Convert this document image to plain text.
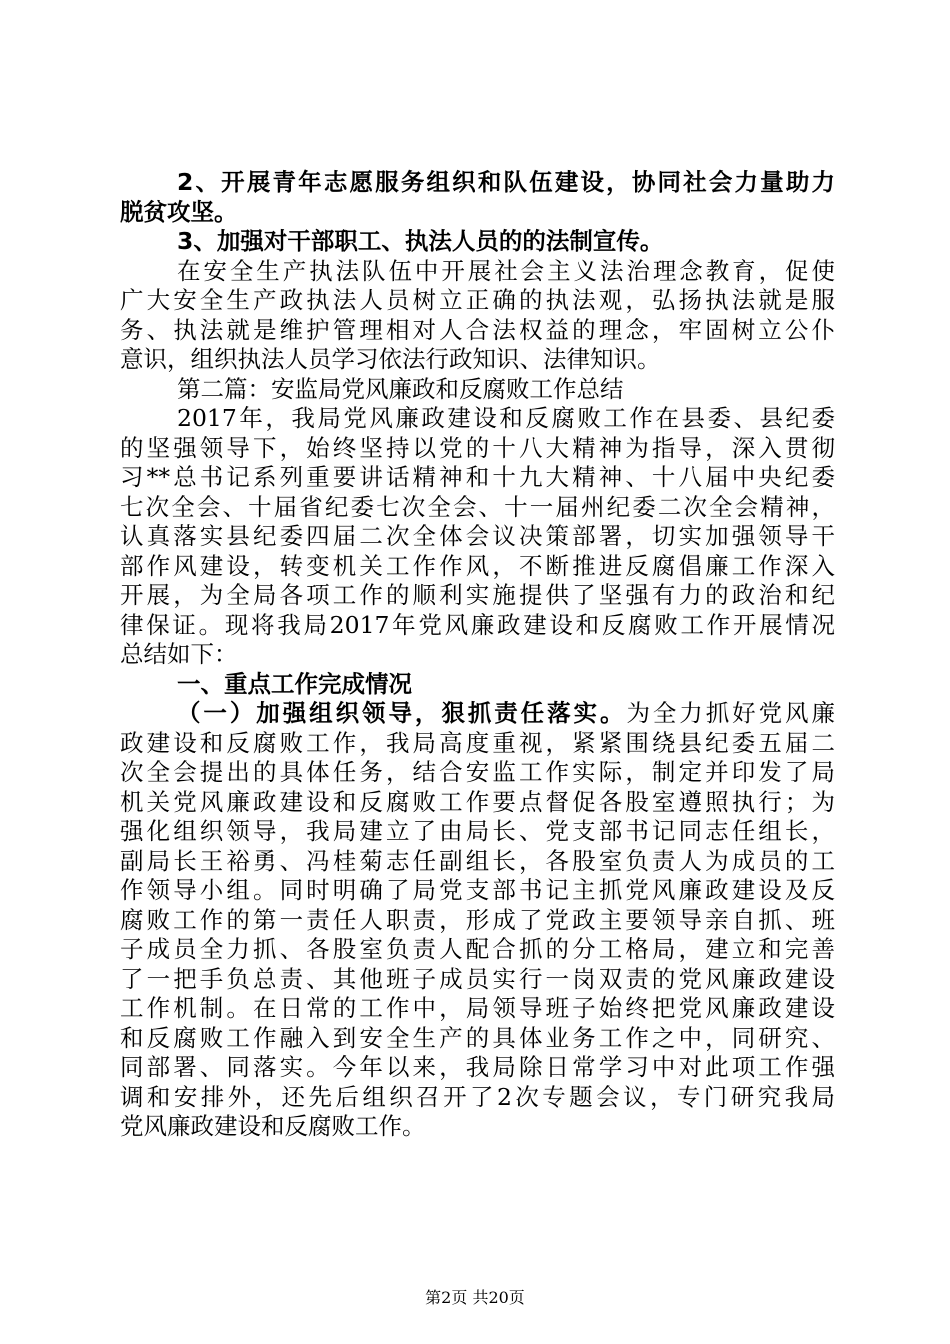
2、开展青年志愿服务组织和队伍建设，协同社会力量助力
脱贫攻坚。
3、加强对干部职工、执法人员的的法制宣传。
在安全生产执法队伍中开展社会主义法治理念教育，促使
广大安全生产政执法人员树立正确的执法观，弘扬执法就是服
务、执法就是维护管理相对人合法权益的理念，牢固树立公仆
意识，组织执法人员学习依法行政知识、法律知识。
第二篇：安监局党风廉政和反腐败工作总结
2017年，我局党风廉政建设和反腐败工作在县委、县纪委
的坚强领导下，始终坚持以党的十八大精神为指导，深入贯彻
习**总书记系列重要讲话精神和十九大精神、十八届中央纪委
七次全会、十届省纪委七次全会、十一届州纪委二次全会精神，
认真落实县纪委四届二次全体会议决策部署，切实加强领导干
部作风建设，转变机关工作作风，不断推进反腐倡廉工作深入
开展，为全局各项工作的顺利实施提供了坚强有力的政治和纪
律保证。现将我局2017年党风廉政建设和反腐败工作开展情况
总结如下：
一、重点工作完成情况
（一）加强组织领导，狠抓责任落实。为全力抓好党风廉
政建设和反腐败工作，我局高度重视，紧紧围绕县纪委五届二
次全会提出的具体任务，结合安监工作实际，制定并印发了局
机关党风廉政建设和反腐败工作要点督促各股室遵照执行；为
强化组织领导，我局建立了由局长、党支部书记同志任组长，
副局长王裕勇、冯桂菊志任副组长，各股室负责人为成员的工
作领导小组。同时明确了局党支部书记主抓党风廉政建设及反
腐败工作的第一责任人职责，形成了党政主要领导亲自抓、班
子成员全力抓、各股室负责人配合抓的分工格局，建立和完善
了一把手负总责、其他班子成员实行一岗双责的党风廉政建设
工作机制。在日常的工作中，局领导班子始终把党风廉政建设
和反腐败工作融入到安全生产的具体业务工作之中，同研究、
同部署、同落实。今年以来，我局除日常学习中对此项工作强
调和安排外，还先后组织召开了2次专题会议，专门研究我局
党风廉政建设和反腐败工作。
第2页 共20页
